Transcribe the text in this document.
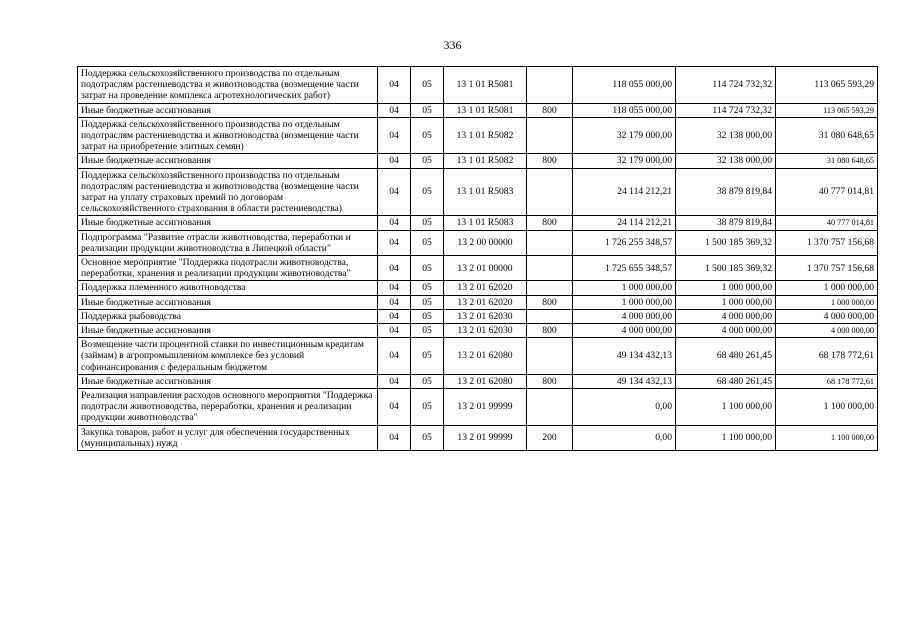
336
Поддержка сельскохозяйственного производства по отдельным подотраслям растениеводства и животноводства (возмещение части затрат на проведение комплекса агротехнологических работ)	04	05	13 1 01 R5081		118 055 000,00	114 724 732,32	113 065 593,29
Иные бюджетные ассигнования	04	05	13 1 01 R5081	800	118 055 000,00	114 724 732,32	113 065 593,29
Поддержка сельскохозяйственного производства по отдельным подотраслям растениеводства и животноводства (возмещение части затрат на приобретение элитных семян)	04	05	13 1 01 R5082		32 179 000,00	32 138 000,00	31 080 648,65
Иные бюджетные ассигнования	04	05	13 1 01 R5082	800	32 179 000,00	32 138 000,00	31 080 648,65
Поддержка сельскохозяйственного производства по отдельным подотраслям растениеводства и животноводства (возмещение части затрат на уплату страховых премий по договорам сельскохозяйственного страхования в области растениеводства)	04	05	13 1 01 R5083		24 114 212,21	38 879 819,84	40 777 014,81
Иные бюджетные ассигнования	04	05	13 1 01 R5083	800	24 114 212,21	38 879 819,84	40 777 014,81
Подпрограмма "Развитие отрасли животноводства, переработки и реализации продукции животноводства в Липецкой области"	04	05	13 2 00 00000		1 726 255 348,57	1 500 185 369,32	1 370 757 156,68
Основное мероприятие "Поддержка подотрасли животноводства, переработки, хранения и реализации продукции животноводства"	04	05	13 2 01 00000		1 725 655 348,57	1 500 185 369,32	1 370 757 156,68
Поддержка племенного животноводства	04	05	13 2 01 62020		1 000 000,00	1 000 000,00	1 000 000,00
Иные бюджетные ассигнования	04	05	13 2 01 62020	800	1 000 000,00	1 000 000,00	1 000 000,00
Поддержка рыбоводства	04	05	13 2 01 62030		4 000 000,00	4 000 000,00	4 000 000,00
Иные бюджетные ассигнования	04	05	13 2 01 62030	800	4 000 000,00	4 000 000,00	4 000 000,00
Возмещение части процентной ставки по инвестиционным кредитам (займам) в агропромышленном комплексе без условий софинансирования с федеральным бюджетом	04	05	13 2 01 62080		49 134 432,13	68 480 261,45	68 178 772,61
Иные бюджетные ассигнования	04	05	13 2 01 62080	800	49 134 432,13	68 480 261,45	68 178 772,61
Реализация направления расходов основного мероприятия "Поддержка подотрасли животноводства, переработки, хранения и реализации продукции животноводства"	04	05	13 2 01 99999		0,00	1 100 000,00	1 100 000,00
Закупка товаров, работ и услуг для обеспечения государственных (муниципальных) нужд	04	05	13 2 01 99999	200	0,00	1 100 000,00	1 100 000,00
